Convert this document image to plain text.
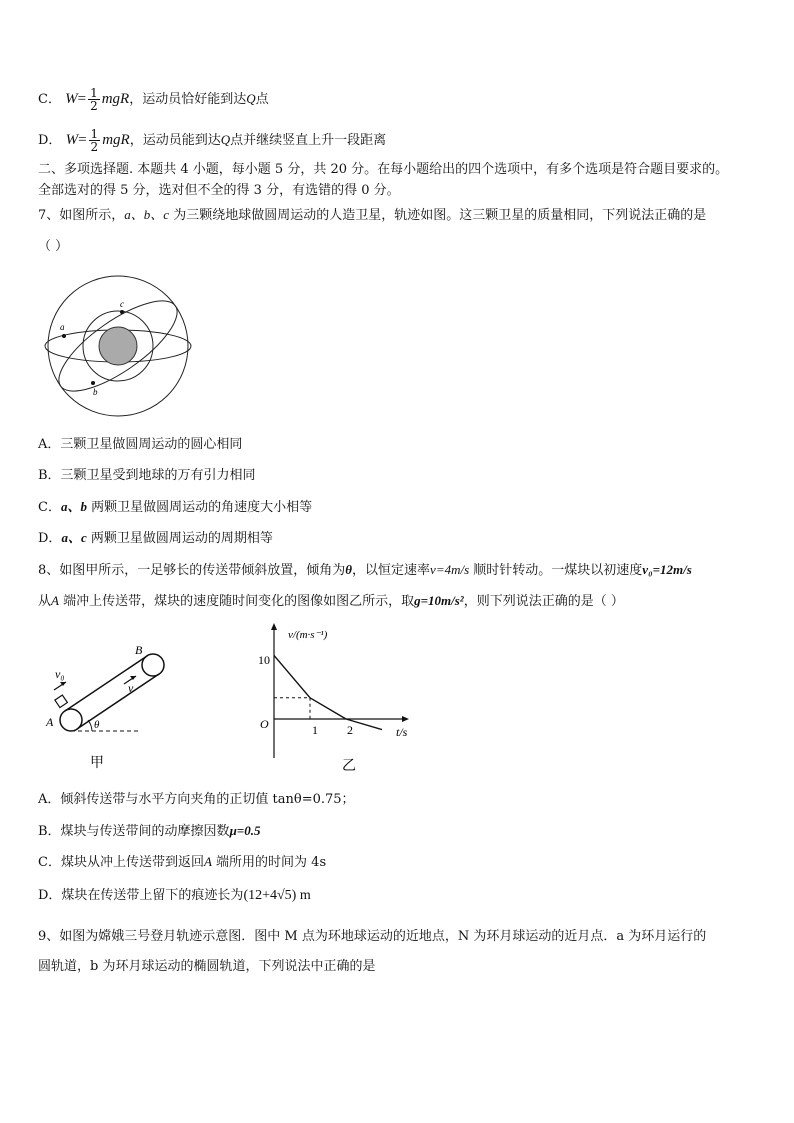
C． $W= \frac{1}{2}$ mgR，运动员恰好能到达Q点
D． $W= \frac{1}{2}$ mgR，运动员能到达Q点并继续竖直上升一段距离
二、多项选择题. 本题共 4 小题，每小题 5 分，共 20 分。在每小题给出的四个选项中，有多个选项是符合题目要求的。
全部选对的得 5 分，选对但不全的得 3 分，有选错的得 0 分。
7、如图所示，a、b、c 为三颗绕地球做圆周运动的人造卫星，轨迹如图。这三颗卫星的质量相同，下列说法正确的是
（ ）
a
c
b
A．三颗卫星做圆周运动的圆心相同
B．三颗卫星受到地球的万有引力相同
C．a、b 两颗卫星做圆周运动的角速度大小相等
D．a、c 两颗卫星做圆周运动的周期相等
8、如图甲所示，一足够长的传送带倾斜放置，倾角为θ，以恒定速率v=4m/s 顺时针转动。一煤块以初速度v₀=12m/s
从A 端冲上传送带，煤块的速度随时间变化的图像如图乙所示，取g=10m/s²，则下列说法正确的是（ ）
v₀
v
B
A	θ
甲
v/(m·s⁻¹)
10
O	1 2	t/s
乙
A．倾斜传送带与水平方向夹角的正切值 tanθ=0.75；
B．煤块与传送带间的动摩擦因数μ=0.5
C．煤块从冲上传送带到返回A 端所用的时间为 4s
D．煤块在传送带上留下的痕迹长为(12+4√5) m
9、如图为嫦娥三号登月轨迹示意图．图中 M 点为环地球运动的近地点，N 为环月球运动的近月点．a 为环月运行的
圆轨道，b 为环月球运动的椭圆轨道，下列说法中正确的是
